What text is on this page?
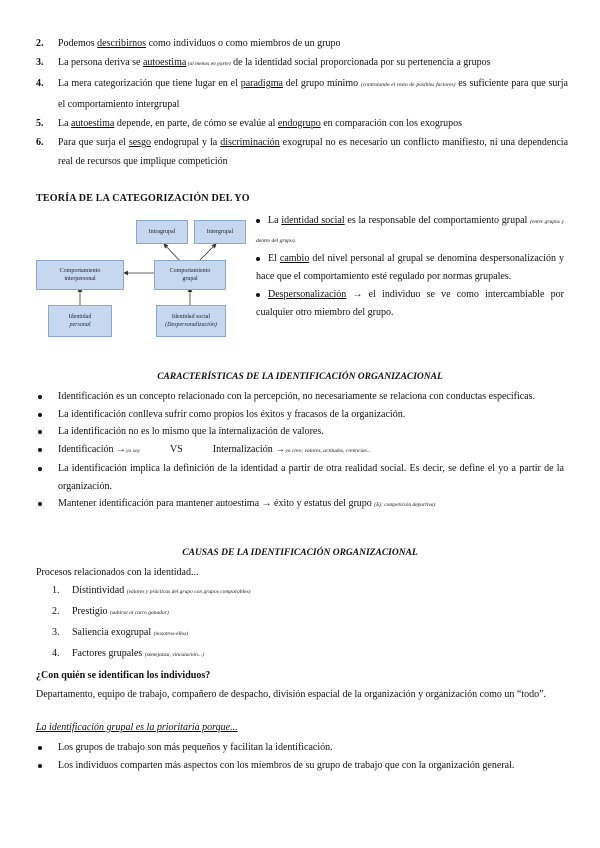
2. Podemos describirnos como individuos o como miembros de un grupo
3. La persona deriva se autoestima (al menos en parte) de la identidad social proporcionada por su pertenencia a grupos
4. La mera categorización que tiene lugar en el paradigma del grupo mínimo (controlando el resto de posibles factores) es suficiente para que surja el comportamiento intergrupal
5. La autoestima depende, en parte, de cómo se evalúe al endogrupo en comparación con los exogrupos
6. Para que surja el sesgo endogrupal y la discriminación exogrupal no es necesario un conflicto manifiesto, ni una dependencia real de recursos que implique competición
TEORÍA DE LA CATEGORIZACIÓN DEL YO
Intragrupal	Intergrupal
Comportamiento
interpersonal
Comportamiento
grupal
Identidad
personal
Identidad social
(Despersonalización)
La identidad social es la responsable del comportamiento grupal (entre grupos y dentro del grupo).
El cambio del nivel personal al grupal se denomina despersonalización y hace que el comportamiento esté regulado por normas grupales.
Despersonalización → el individuo se ve como intercambiable por cualquier otro miembro del grupo.
CARACTERÍSTICAS DE LA IDENTIFICACIÓN ORGANIZACIONAL
Identificación es un concepto relacionado con la percepción, no necesariamente se relaciona con conductas específicas.
La identificación conlleva sufrir como propios los éxitos y fracasos de la organización.
La identificación no es lo mismo que la internalización de valores.
Identificación →yo soy	VS	Internalización →yo creo; valores, actitudes, creencias...
La identificación implica la definición de la identidad a partir de otra realidad social. Es decir, se define el yo a partir de la organización.
Mantener identificación para mantener autoestima → éxito y estatus del grupo (Ej: competición deportiva)
CAUSAS DE LA IDENTIFICACIÓN ORGANIZACIONAL
Procesos relacionados con la identidad...
1. Distintividad (valores y prácticas del grupo con grupos comparables)
2. Prestigio (subirse al carro ganador)
3. Saliencia exogrupal (nosotros-ellos)
4. Factores grupales (semejanza, vinculación...)
¿Con quién se identifican los individuos?
Departamento, equipo de trabajo, compañero de despacho, división espacial de la organización y organización como un “todo”.
La identificación grupal es la prioritaria porque...
Los grupos de trabajo son más pequeños y facilitan la identificación.
Los individuos comparten más aspectos con los miembros de su grupo de trabajo que con la organización general.
